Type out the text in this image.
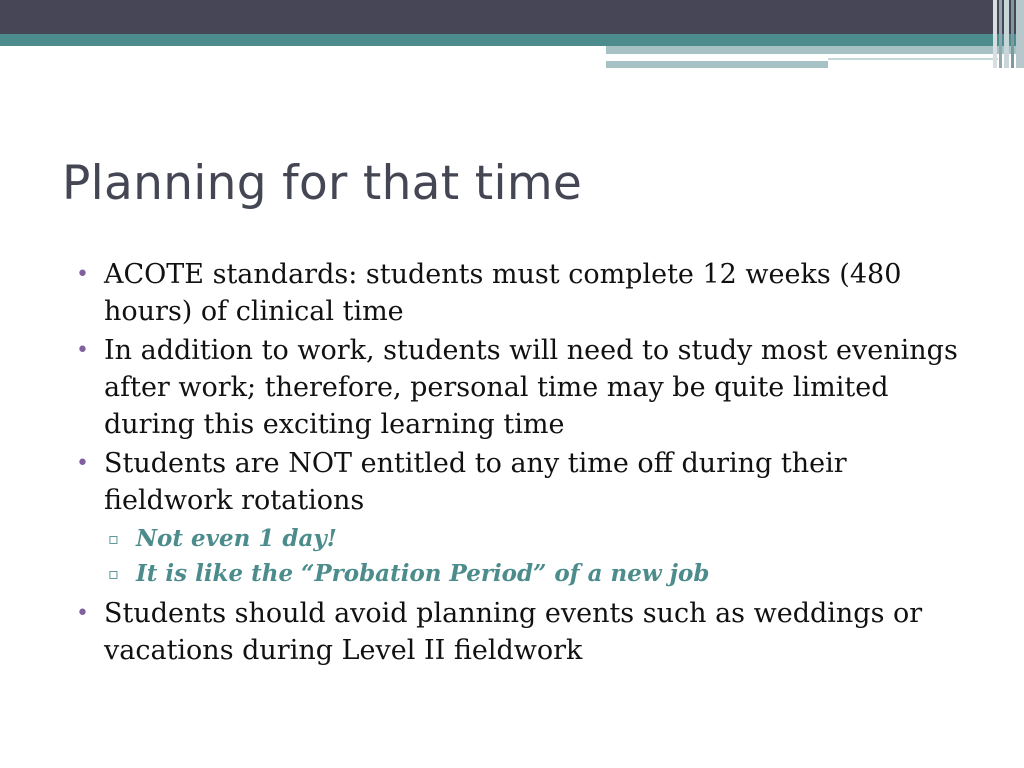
Planning for that time
• ACOTE standards: students must complete 12 weeks (480 hours) of clinical time
• In addition to work, students will need to study most evenings after work; therefore, personal time may be quite limited during this exciting learning time
• Students are NOT entitled to any time off during their fieldwork rotations
▫ Not even 1 day!
▫ It is like the “Probation Period” of a new job
• Students should avoid planning events such as weddings or vacations during Level II fieldwork
